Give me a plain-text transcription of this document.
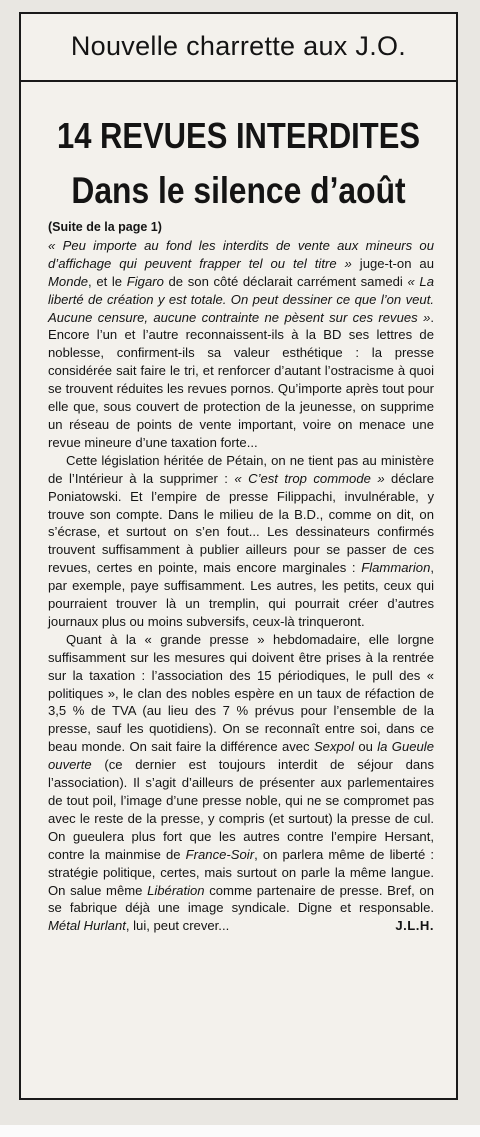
Nouvelle charrette aux J.O.
14 REVUES INTERDITES
Dans le silence d’août
(Suite de la page 1)

« Peu importe au fond les interdits de vente aux mineurs ou d’affichage qui peuvent frapper tel ou tel titre » juge-t-on au Monde, et le Figaro de son côté déclarait carrément samedi « La liberté de création y est totale. On peut dessiner ce que l’on veut. Aucune censure, aucune contrainte ne pèsent sur ces revues ». Encore l’un et l’autre reconnaissent-ils à la BD ses lettres de noblesse, confirment-ils sa valeur esthétique : la presse considérée sait faire le tri, et renforcer d’autant l’ostracisme à quoi se trouvent réduites les revues pornos. Qu’importe après tout pour elle que, sous couvert de protection de la jeunesse, on supprime un réseau de points de vente important, voire on menace une revue mineure d’une taxation forte...

Cette législation héritée de Pétain, on ne tient pas au ministère de l’Intérieur à la supprimer : « C’est trop commode » déclare Poniatowski. Et l’empire de presse Filippachi, invulnérable, y trouve son compte. Dans le milieu de la B.D., comme on dit, on s’écrase, et surtout on s’en fout... Les dessinateurs confirmés trouvent suffisamment à publier ailleurs pour se passer de ces revues, certes en pointe, mais encore marginales : Flammarion, par exemple, paye suffisamment. Les autres, les petits, ceux qui pourraient trouver là un tremplin, qui pourrait créer d’autres journaux plus ou moins subversifs, ceux-là trinqueront.

Quant à la « grande presse » hebdomadaire, elle lorgne suffisamment sur les mesures qui doivent être prises à la rentrée sur la taxation : l’association des 15 périodiques, le pull des « politiques », le clan des nobles espère en un taux de réfaction de 3,5 % de TVA (au lieu des 7 % prévus pour l’ensemble de la presse, sauf les quotidiens). On se reconnaît entre soi, dans ce beau monde. On sait faire la différence avec Sexpol ou la Gueule ouverte (ce dernier est toujours interdit de séjour dans l’association). Il s’agit d’ailleurs de présenter aux parlementaires de tout poil, l’image d’une presse noble, qui ne se compromet pas avec le reste de la presse, y compris (et surtout) la presse de cul. On gueulera plus fort que les autres contre l’empire Hersant, contre la mainmise de France-Soir, on parlera même de liberté : stratégie politique, certes, mais surtout on parle la même langue. On salue même Libération comme partenaire de presse. Bref, on se fabrique déjà une image syndicale. Digne et responsable. Métal Hurlant, lui, peut crever...	J.L.H.
